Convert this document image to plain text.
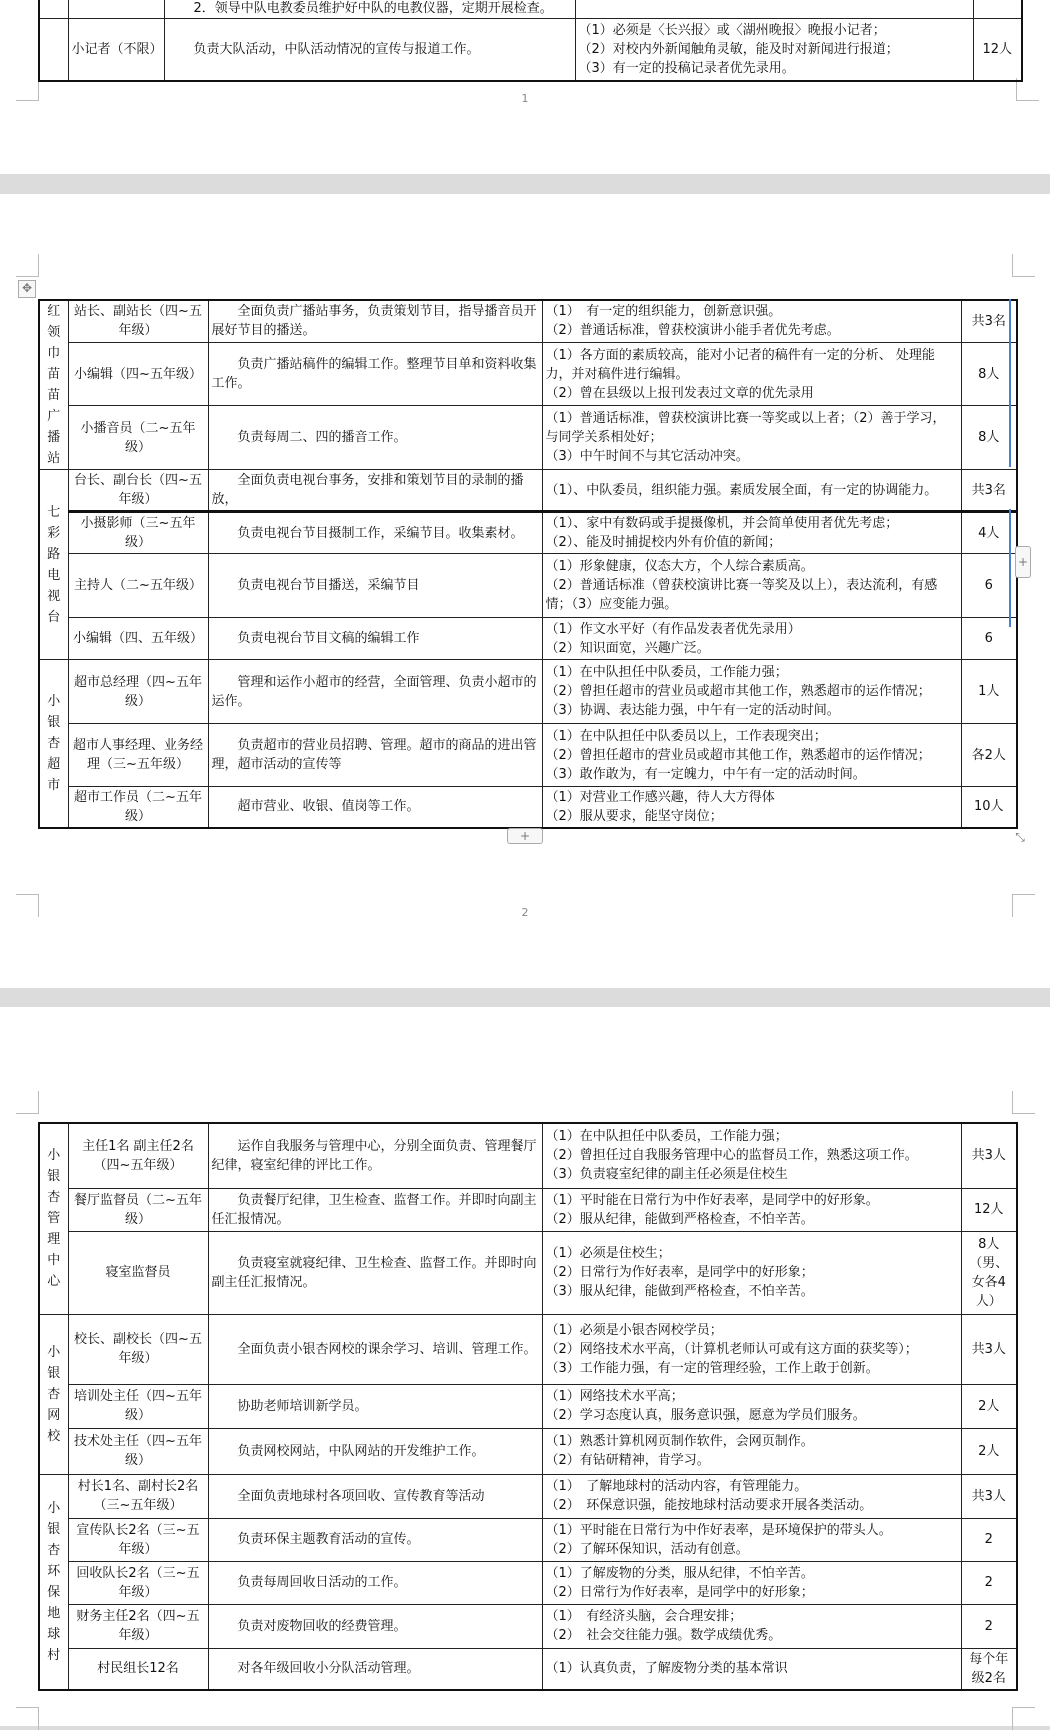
1
2
		2．领导中队电教委员维护好中队的电教仪器，定期开展检查。		
	小记者（不限）	负责大队活动，中队活动情况的宣传与报道工作。	（1）必须是〈长兴报〉或〈湖州晚报〉晚报小记者；
（2）对校内外新闻触角灵敏，能及时对新闻进行报道；
（3）有一定的投稿记录者优先录用。	12人
红领巾苗苗广播站	站长、副站长（四~五年级）	全面负责广播站事务，负责策划节目，指导播音员开展好节目的播送。	（1）　有一定的组织能力，创新意识强。
（2）普通话标准，曾获校演讲小能手者优先考虑。	共3名
	小编辑（四~五年级）	负责广播站稿件的编辑工作。整理节目单和资料收集工作。	（1）各方面的素质较高，能对小记者的稿件有一定的分析、 处理能力，并对稿件进行编辑。
（2）曾在县级以上报刊发表过文章的优先录用	8人
	小播音员（二~五年级）	负责每周二、四的播音工作。	（1）普通话标准，曾获校演讲比赛一等奖或以上者；（2）善于学习，与同学关系相处好；
（3）中午时间不与其它活动冲突。	8人
七彩路电视台	台长、副台长（四~五年级）	全面负责电视台事务，安排和策划节目的录制的播放，	（1）、中队委员，组织能力强。素质发展全面，有一定的协调能力。	共3名
	小摄影师（三~五年级）	负责电视台节目摄制工作，采编节目。收集素材。	（1）、家中有数码或手提摄像机，并会简单使用者优先考虑；
（2）、能及时捕捉校内外有价值的新闻；	4人
	主持人（二~五年级）	负责电视台节目播送，采编节目	（1）形象健康，仪态大方，个人综合素质高。
（2）普通话标准（曾获校演讲比赛一等奖及以上），表达流利，有感情；（3）应变能力强。	6
	小编辑（四、五年级）	负责电视台节目文稿的编辑工作	（1）作文水平好（有作品发表者优先录用）
（2）知识面宽，兴趣广泛。	6
小银杏超市	超市总经理（四~五年级）	管理和运作小超市的经营，全面管理、负责小超市的运作。	（1）在中队担任中队委员，工作能力强；
（2）曾担任超市的营业员或超市其他工作，熟悉超市的运作情况；
（3）协调、表达能力强，中午有一定的活动时间。	1人
	超市人事经理、业务经理（三~五年级）	负责超市的营业员招聘、管理。超市的商品的进出管理，超市活动的宣传等	（1）在中队担任中队委员以上，工作表现突出；
（2）曾担任超市的营业员或超市其他工作，熟悉超市的运作情况；
（3）敢作敢为，有一定魄力，中午有一定的活动时间。	各2人
	超市工作员（二~五年级）	超市营业、收银、值岗等工作。	（1）对营业工作感兴趣，待人大方得体
（2）服从要求，能坚守岗位；	10人
小银杏管理中心	主任1名 副主任2名（四~五年级）	运作自我服务与管理中心，分别全面负责、管理餐厅纪律，寝室纪律的评比工作。	（1）在中队担任中队委员，工作能力强；
（2）曾担任过自我服务管理中心的监督员工作，熟悉这项工作。
（3）负责寝室纪律的副主任必须是住校生	共3人
	餐厅监督员（二~五年级）	负责餐厅纪律，卫生检查、监督工作。并即时向副主任汇报情况。	（1）平时能在日常行为中作好表率，是同学中的好形象。
（2）服从纪律，能做到严格检查，不怕辛苦。	12人
	寝室监督员	负责寝室就寝纪律、卫生检查、监督工作。并即时向副主任汇报情况。	（1）必须是住校生；
（2）日常行为作好表率，是同学中的好形象；
（3）服从纪律，能做到严格检查，不怕辛苦。	8人（男、女各4人）
小银杏网校	校长、副校长（四~五年级）	全面负责小银杏网校的课余学习、培训、管理工作。	（1）必须是小银杏网校学员；
（2）网络技术水平高，（计算机老师认可或有这方面的获奖等）；
（3）工作能力强，有一定的管理经验，工作上敢于创新。	共3人
	培训处主任（四~五年级）	协助老师培训新学员。	（1）网络技术水平高；
（2）学习态度认真，服务意识强，愿意为学员们服务。	2人
	技术处主任（四~五年级）	负责网校网站，中队网站的开发维护工作。	（1）熟悉计算机网页制作软件，会网页制作。
（2）有钻研精神，肯学习。	2人
小银杏环保地球村	村长1名、副村长2名（三~五年级）	全面负责地球村各项回收、宣传教育等活动	（1）　了解地球村的活动内容，有管理能力。
（2）　环保意识强，能按地球村活动要求开展各类活动。	共3人
	宣传队长2名（三~五年级）	负责环保主题教育活动的宣传。	（1）平时能在日常行为中作好表率，是环境保护的带头人。
（2）了解环保知识，活动有创意。	2
	回收队长2名（三~五年级）	负责每周回收日活动的工作。	（1）了解废物的分类，服从纪律，不怕辛苦。
（2）日常行为作好表率，是同学中的好形象；	2
	财务主任2名（四~五年级）	负责对废物回收的经费管理。	（1）　有经济头脑，会合理安排；
（2）　社会交往能力强。数学成绩优秀。	2
	村民组长12名	对各年级回收小分队活动管理。	（1）认真负责，了解废物分类的基本常识	每个年级2名
✥
+
+	⤡
